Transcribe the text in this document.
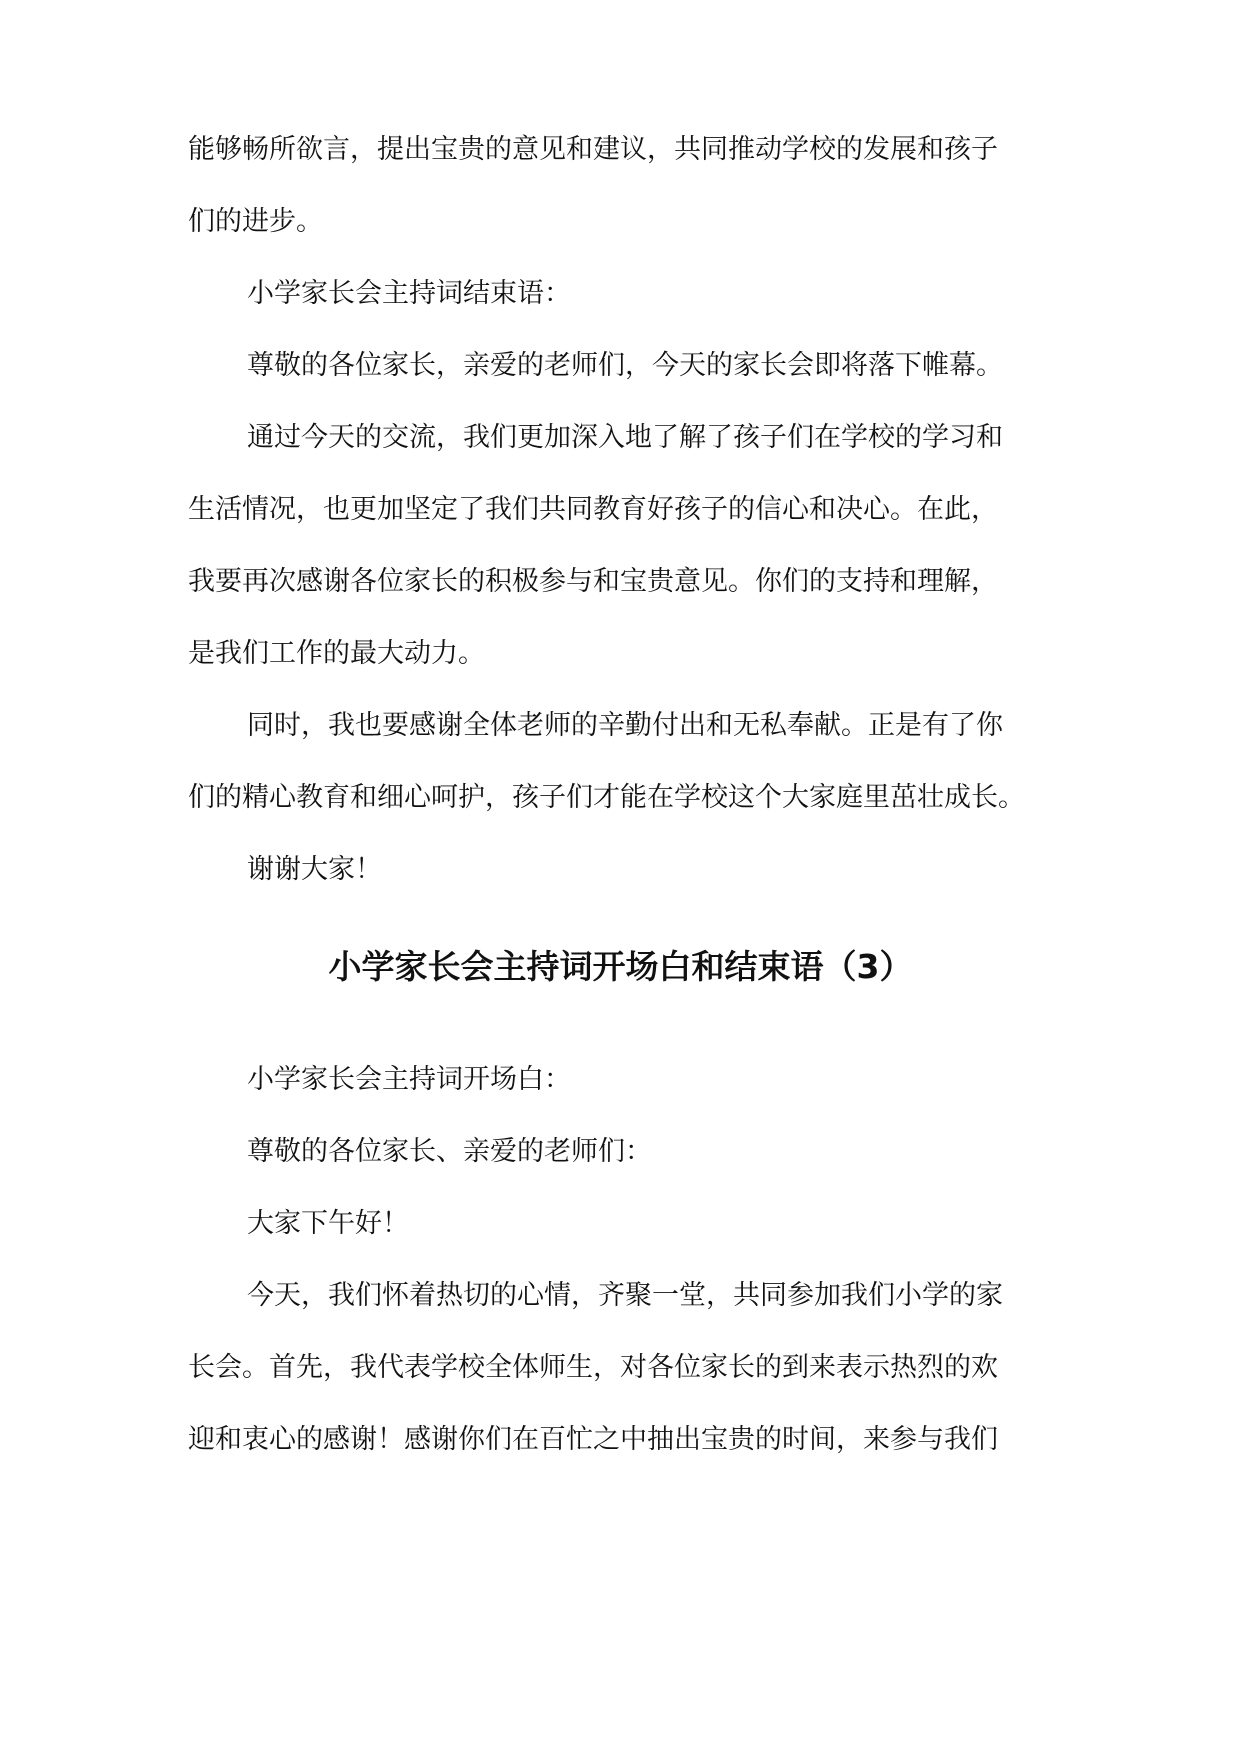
能够畅所欲言，提出宝贵的意见和建议，共同推动学校的发展和孩子

们的进步。

小学家长会主持词结束语：

尊敬的各位家长，亲爱的老师们，今天的家长会即将落下帷幕。

通过今天的交流，我们更加深入地了解了孩子们在学校的学习和

生活情况，也更加坚定了我们共同教育好孩子的信心和决心。在此，

我要再次感谢各位家长的积极参与和宝贵意见。你们的支持和理解，

是我们工作的最大动力。

同时，我也要感谢全体老师的辛勤付出和无私奉献。正是有了你

们的精心教育和细心呵护，孩子们才能在学校这个大家庭里茁壮成长。

谢谢大家！

小学家长会主持词开场白和结束语（3）

小学家长会主持词开场白：

尊敬的各位家长、亲爱的老师们：

大家下午好！

今天，我们怀着热切的心情，齐聚一堂，共同参加我们小学的家

长会。首先，我代表学校全体师生，对各位家长的到来表示热烈的欢

迎和衷心的感谢！感谢你们在百忙之中抽出宝贵的时间，来参与我们
